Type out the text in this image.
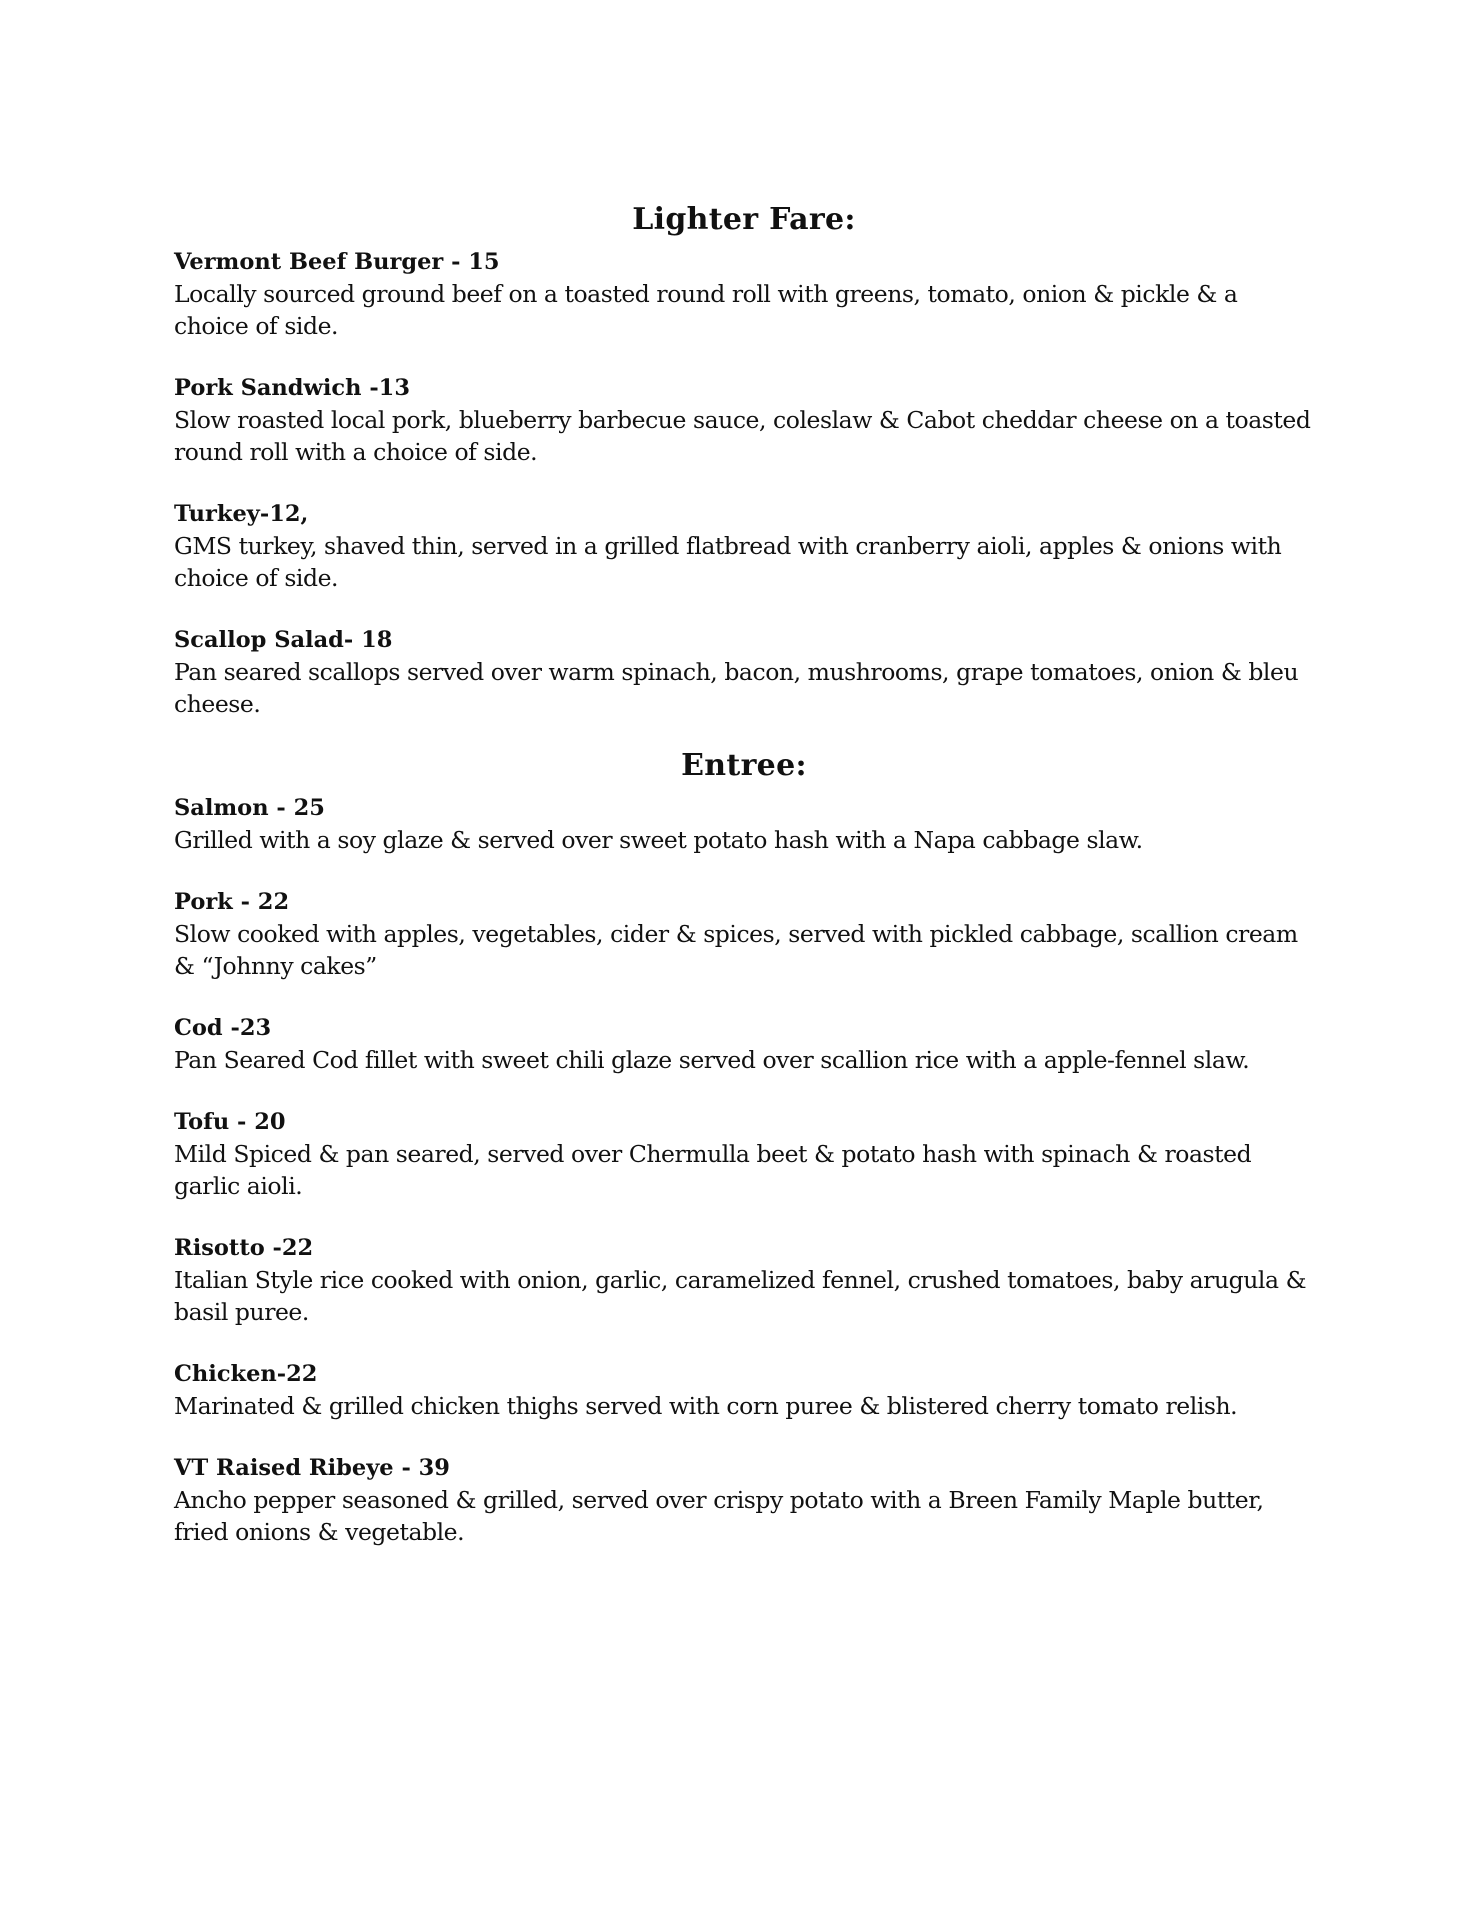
Lighter Fare:
Vermont Beef Burger - 15
Locally sourced ground beef on a toasted round roll with greens, tomato, onion & pickle & a choice of side.
Pork Sandwich -13
Slow roasted local pork, blueberry barbecue sauce, coleslaw & Cabot cheddar cheese on a toasted round roll with a choice of side.
Turkey-12,
GMS turkey, shaved thin, served in a grilled flatbread with cranberry aioli, apples & onions with choice of side.
Scallop Salad- 18
Pan seared scallops served over warm spinach, bacon, mushrooms, grape tomatoes, onion & bleu cheese.
Entree:
Salmon - 25
Grilled with a soy glaze & served over sweet potato hash with a Napa cabbage slaw.
Pork - 22
Slow cooked with apples, vegetables, cider & spices, served with pickled cabbage, scallion cream & “Johnny cakes”
Cod -23
Pan Seared Cod fillet with sweet chili glaze served over scallion rice with a apple-fennel slaw.
Tofu - 20
Mild Spiced & pan seared, served over Chermulla beet & potato hash with spinach & roasted garlic aioli.
Risotto -22
Italian Style rice cooked with onion, garlic, caramelized fennel, crushed tomatoes, baby arugula & basil puree.
Chicken-22
Marinated & grilled chicken thighs served with corn puree & blistered cherry tomato relish.
VT Raised Ribeye - 39
Ancho pepper seasoned & grilled, served over crispy potato with a Breen Family Maple butter, fried onions & vegetable.
